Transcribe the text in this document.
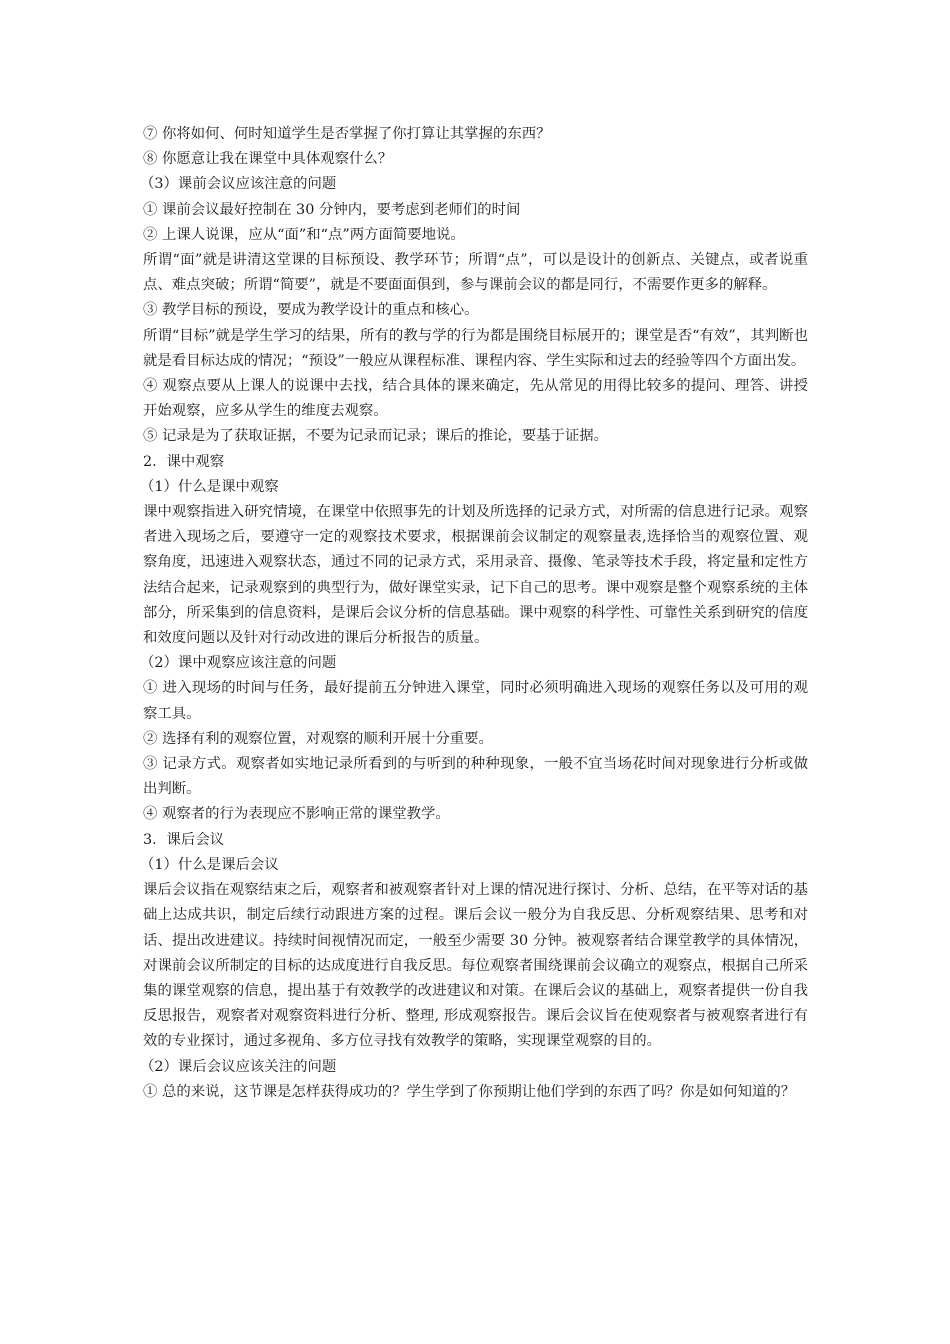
⑦ 你将如何、何时知道学生是否掌握了你打算让其掌握的东西？

⑧ 你愿意让我在课堂中具体观察什么？

（3）课前会议应该注意的问题

① 课前会议最好控制在 30 分钟内，要考虑到老师们的时间

② 上课人说课，应从“面”和“点”两方面简要地说。

所谓“面”就是讲清这堂课的目标预设、教学环节；所谓“点”，可以是设计的创新点、关键点，或者说重点、难点突破；所谓“简要”，就是不要面面俱到，参与课前会议的都是同行，不需要作更多的解释。

③ 教学目标的预设，要成为教学设计的重点和核心。

所谓“目标”就是学生学习的结果，所有的教与学的行为都是围绕目标展开的；课堂是否“有效”，其判断也就是看目标达成的情况；“预设”一般应从课程标准、课程内容、学生实际和过去的经验等四个方面出发。

④ 观察点要从上课人的说课中去找，结合具体的课来确定，先从常见的用得比较多的提问、理答、讲授开始观察，应多从学生的维度去观察。

⑤ 记录是为了获取证据，不要为记录而记录；课后的推论，要基于证据。

2．课中观察

（1）什么是课中观察

课中观察指进入研究情境，在课堂中依照事先的计划及所选择的记录方式，对所需的信息进行记录。观察者进入现场之后，要遵守一定的观察技术要求，根据课前会议制定的观察量表,选择恰当的观察位置、观察角度，迅速进入观察状态，通过不同的记录方式，采用录音、摄像、笔录等技术手段，将定量和定性方法结合起来，记录观察到的典型行为，做好课堂实录，记下自己的思考。课中观察是整个观察系统的主体部分，所采集到的信息资料，是课后会议分析的信息基础。课中观察的科学性、可靠性关系到研究的信度和效度问题以及针对行动改进的课后分析报告的质量。

（2）课中观察应该注意的问题

① 进入现场的时间与任务，最好提前五分钟进入课堂，同时必须明确进入现场的观察任务以及可用的观察工具。

② 选择有利的观察位置，对观察的顺利开展十分重要。

③ 记录方式。观察者如实地记录所看到的与听到的种种现象，一般不宜当场花时间对现象进行分析或做出判断。

④ 观察者的行为表现应不影响正常的课堂教学。

3．课后会议

（1）什么是课后会议

课后会议指在观察结束之后，观察者和被观察者针对上课的情况进行探讨、分析、总结，在平等对话的基础上达成共识，制定后续行动跟进方案的过程。课后会议一般分为自我反思、分析观察结果、思考和对话、提出改进建议。持续时间视情况而定，一般至少需要 30 分钟。被观察者结合课堂教学的具体情况，对课前会议所制定的目标的达成度进行自我反思。每位观察者围绕课前会议确立的观察点，根据自己所采集的课堂观察的信息，提出基于有效教学的改进建议和对策。在课后会议的基础上，观察者提供一份自我反思报告，观察者对观察资料进行分析、整理, 形成观察报告。课后会议旨在使观察者与被观察者进行有效的专业探讨，通过多视角、多方位寻找有效教学的策略，实现课堂观察的目的。

（2）课后会议应该关注的问题

① 总的来说，这节课是怎样获得成功的？学生学到了你预期让他们学到的东西了吗？你是如何知道的？
